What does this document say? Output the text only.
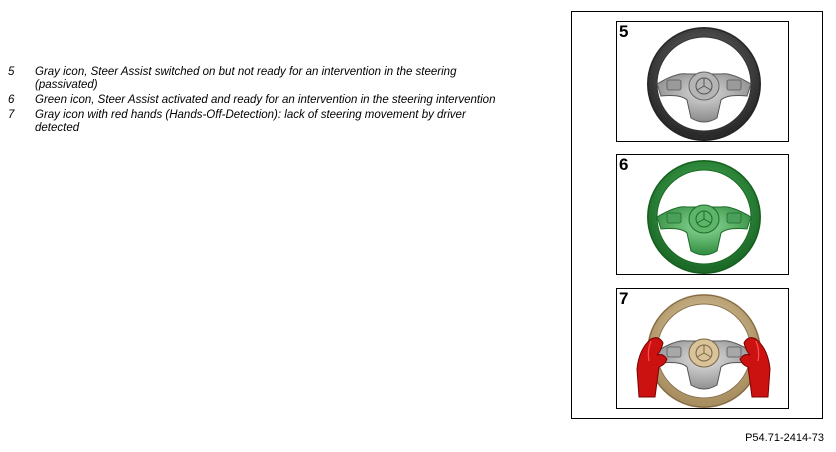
5	Gray icon, Steer Assist switched on but not ready for an intervention in the steering (passivated)
6	Green icon, Steer Assist activated and ready for an intervention in the steering intervention
7	Gray icon with red hands (Hands-Off-Detection): lack of steering movement by driver detected
5
6
7
P54.71-2414-73
